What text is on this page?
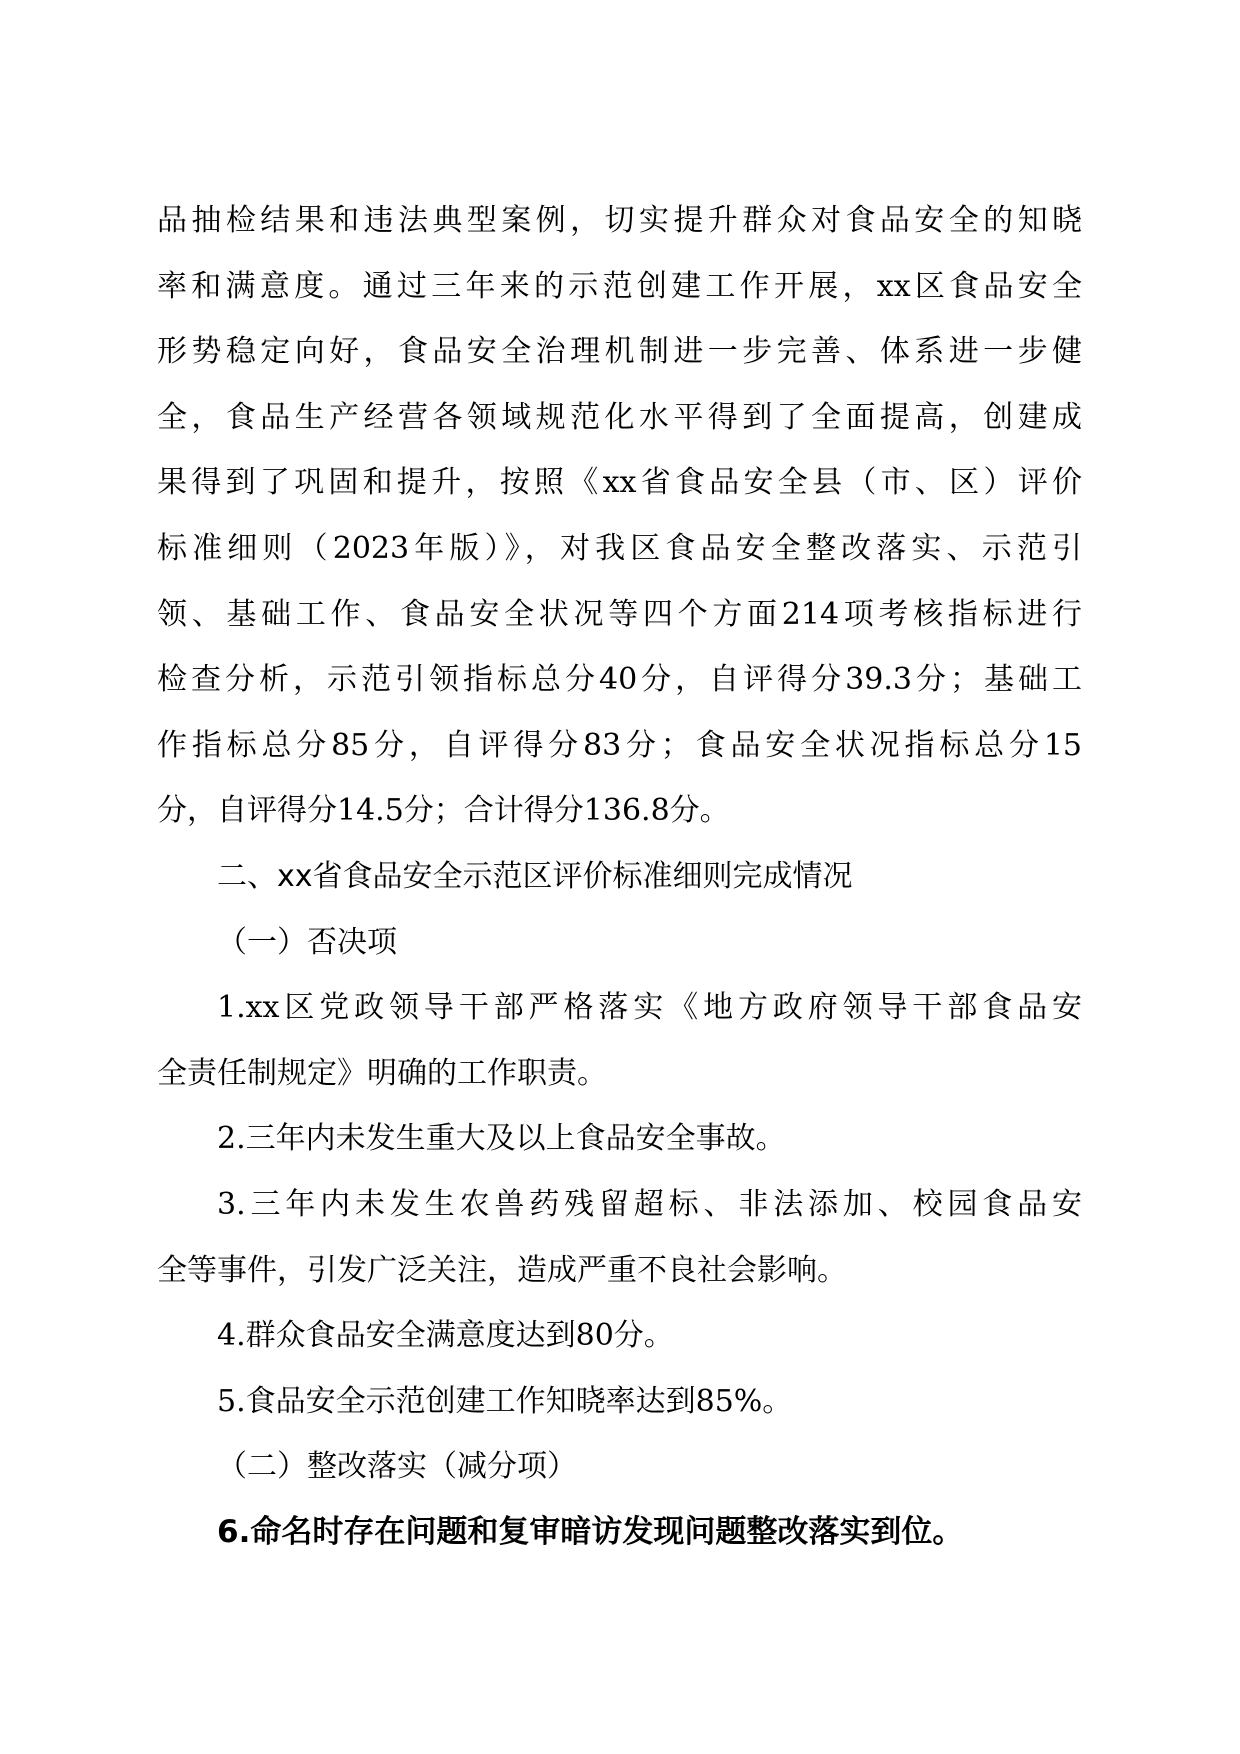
品抽检结果和违法典型案例，切实提升群众对食品安全的知晓
率和满意度。通过三年来的示范创建工作开展，xx区食品安全
形势稳定向好，食品安全治理机制进一步完善、体系进一步健
全，食品生产经营各领域规范化水平得到了全面提高，创建成
果得到了巩固和提升，按照《xx省食品安全县（市、区）评价
标准细则（2023年版）》，对我区食品安全整改落实、示范引
领、基础工作、食品安全状况等四个方面214项考核指标进行
检查分析，示范引领指标总分40分，自评得分39.3分；基础工
作指标总分85分，自评得分83分；食品安全状况指标总分15
分，自评得分14.5分；合计得分136.8分。
二、xx省食品安全示范区评价标准细则完成情况
（一）否决项
1.xx区党政领导干部严格落实《地方政府领导干部食品安
全责任制规定》明确的工作职责。
2.三年内未发生重大及以上食品安全事故。
3.三年内未发生农兽药残留超标、非法添加、校园食品安
全等事件，引发广泛关注，造成严重不良社会影响。
4.群众食品安全满意度达到80分。
5.食品安全示范创建工作知晓率达到85%。
（二）整改落实（减分项）
6.命名时存在问题和复审暗访发现问题整改落实到位。
